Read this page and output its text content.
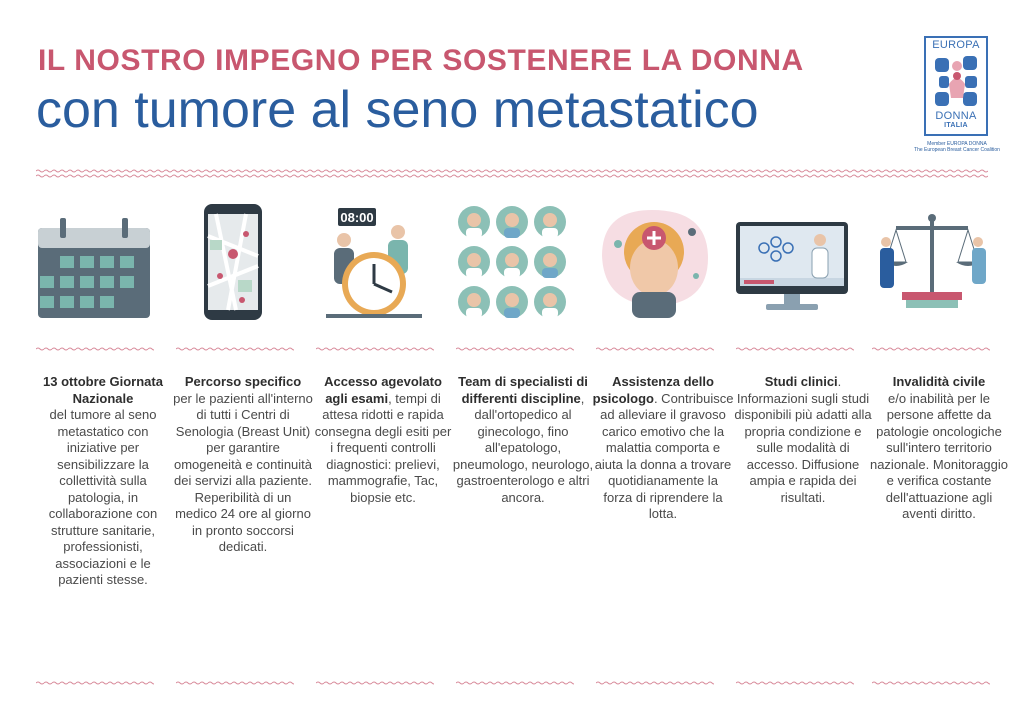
IL NOSTRO IMPEGNO PER SOSTENERE LA DONNA
con tumore al seno metastatico
EUROPA
DONNA
ITALIA
Member EUROPA DONNA
The European Breast Cancer Coalition
13 ottobre Giornata Nazionale
del tumore al seno metastatico con iniziative per sensibilizzare la collettività sulla patologia, in collaborazione con strutture sanitarie, professionisti, associazioni e le pazienti stesse.
Percorso specifico
per le pazienti all'interno di tutti i Centri di Senologia (Breast Unit) per garantire omogeneità e continuità dei servizi alla paziente. Reperibilità di un medico 24 ore al giorno in pronto soccorsi dedicati.
08:00
Accesso agevolato agli esami, tempi di attesa ridotti e rapida consegna degli esiti per i frequenti controlli diagnostici: prelievi, mammografie, Tac, biopsie etc.
Team di specialisti di differenti discipline, dall'ortopedico al ginecologo, fino all'epatologo, pneumologo, neurologo, gastroenterologo e altri ancora.
Assistenza dello psicologo. Contribuisce ad alleviare il gravoso carico emotivo che la malattia comporta e aiuta la donna a trovare quotidianamente la forza di riprendere la lotta.
Studi clinici. Informazioni sugli studi disponibili più adatti alla propria condizione e sulle modalità di accesso. Diffusione ampia e rapida dei risultati.
Invalidità civile
e/o inabilità per le persone affette da patologie oncologiche sull'intero territorio nazionale. Monitoraggio e verifica costante dell'attuazione agli aventi diritto.
